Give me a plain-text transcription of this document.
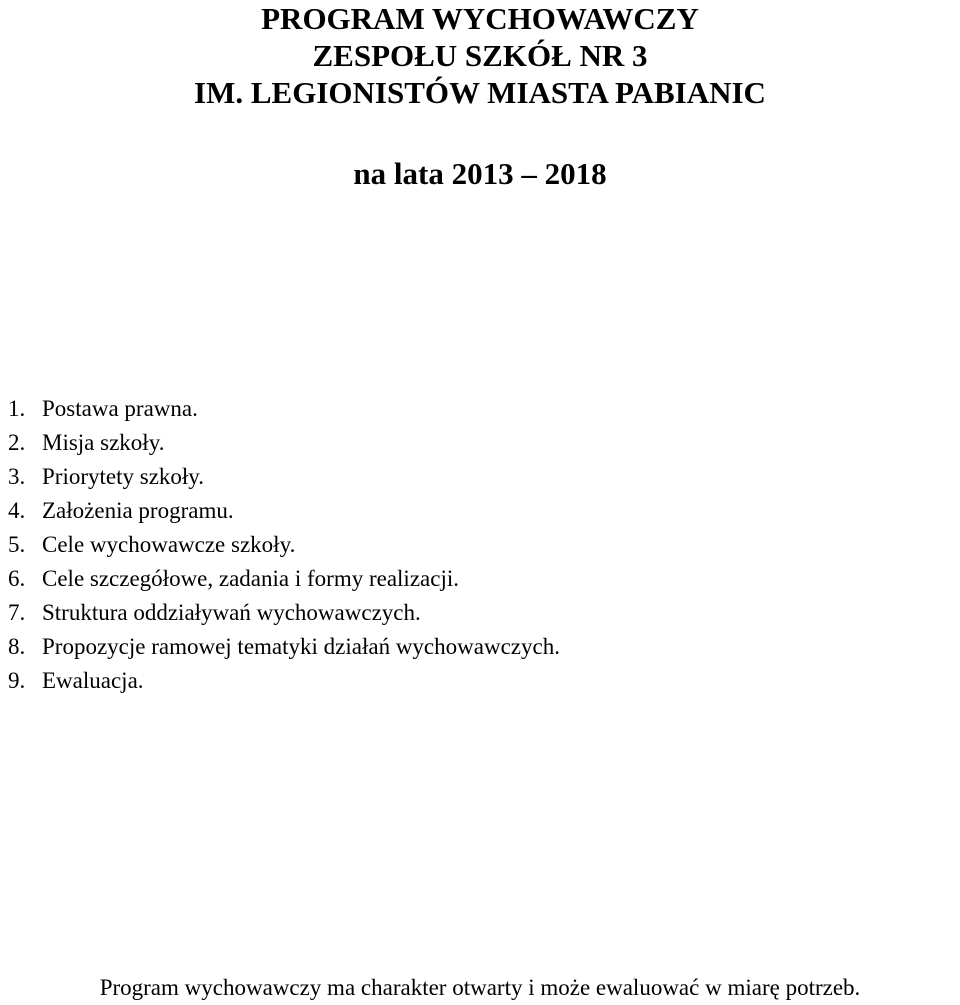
PROGRAM WYCHOWAWCZY
ZESPOŁU SZKÓŁ NR 3
IM. LEGIONISTÓW MIASTA PABIANIC
na lata 2013 – 2018
1. Postawa prawna.
2. Misja szkoły.
3. Priorytety szkoły.
4. Założenia programu.
5. Cele wychowawcze szkoły.
6. Cele szczegółowe, zadania i formy realizacji.
7. Struktura oddziaływań wychowawczych.
8. Propozycje ramowej tematyki działań wychowawczych.
9. Ewaluacja.
Program wychowawczy ma charakter otwarty i może ewaluować w miarę potrzeb.
